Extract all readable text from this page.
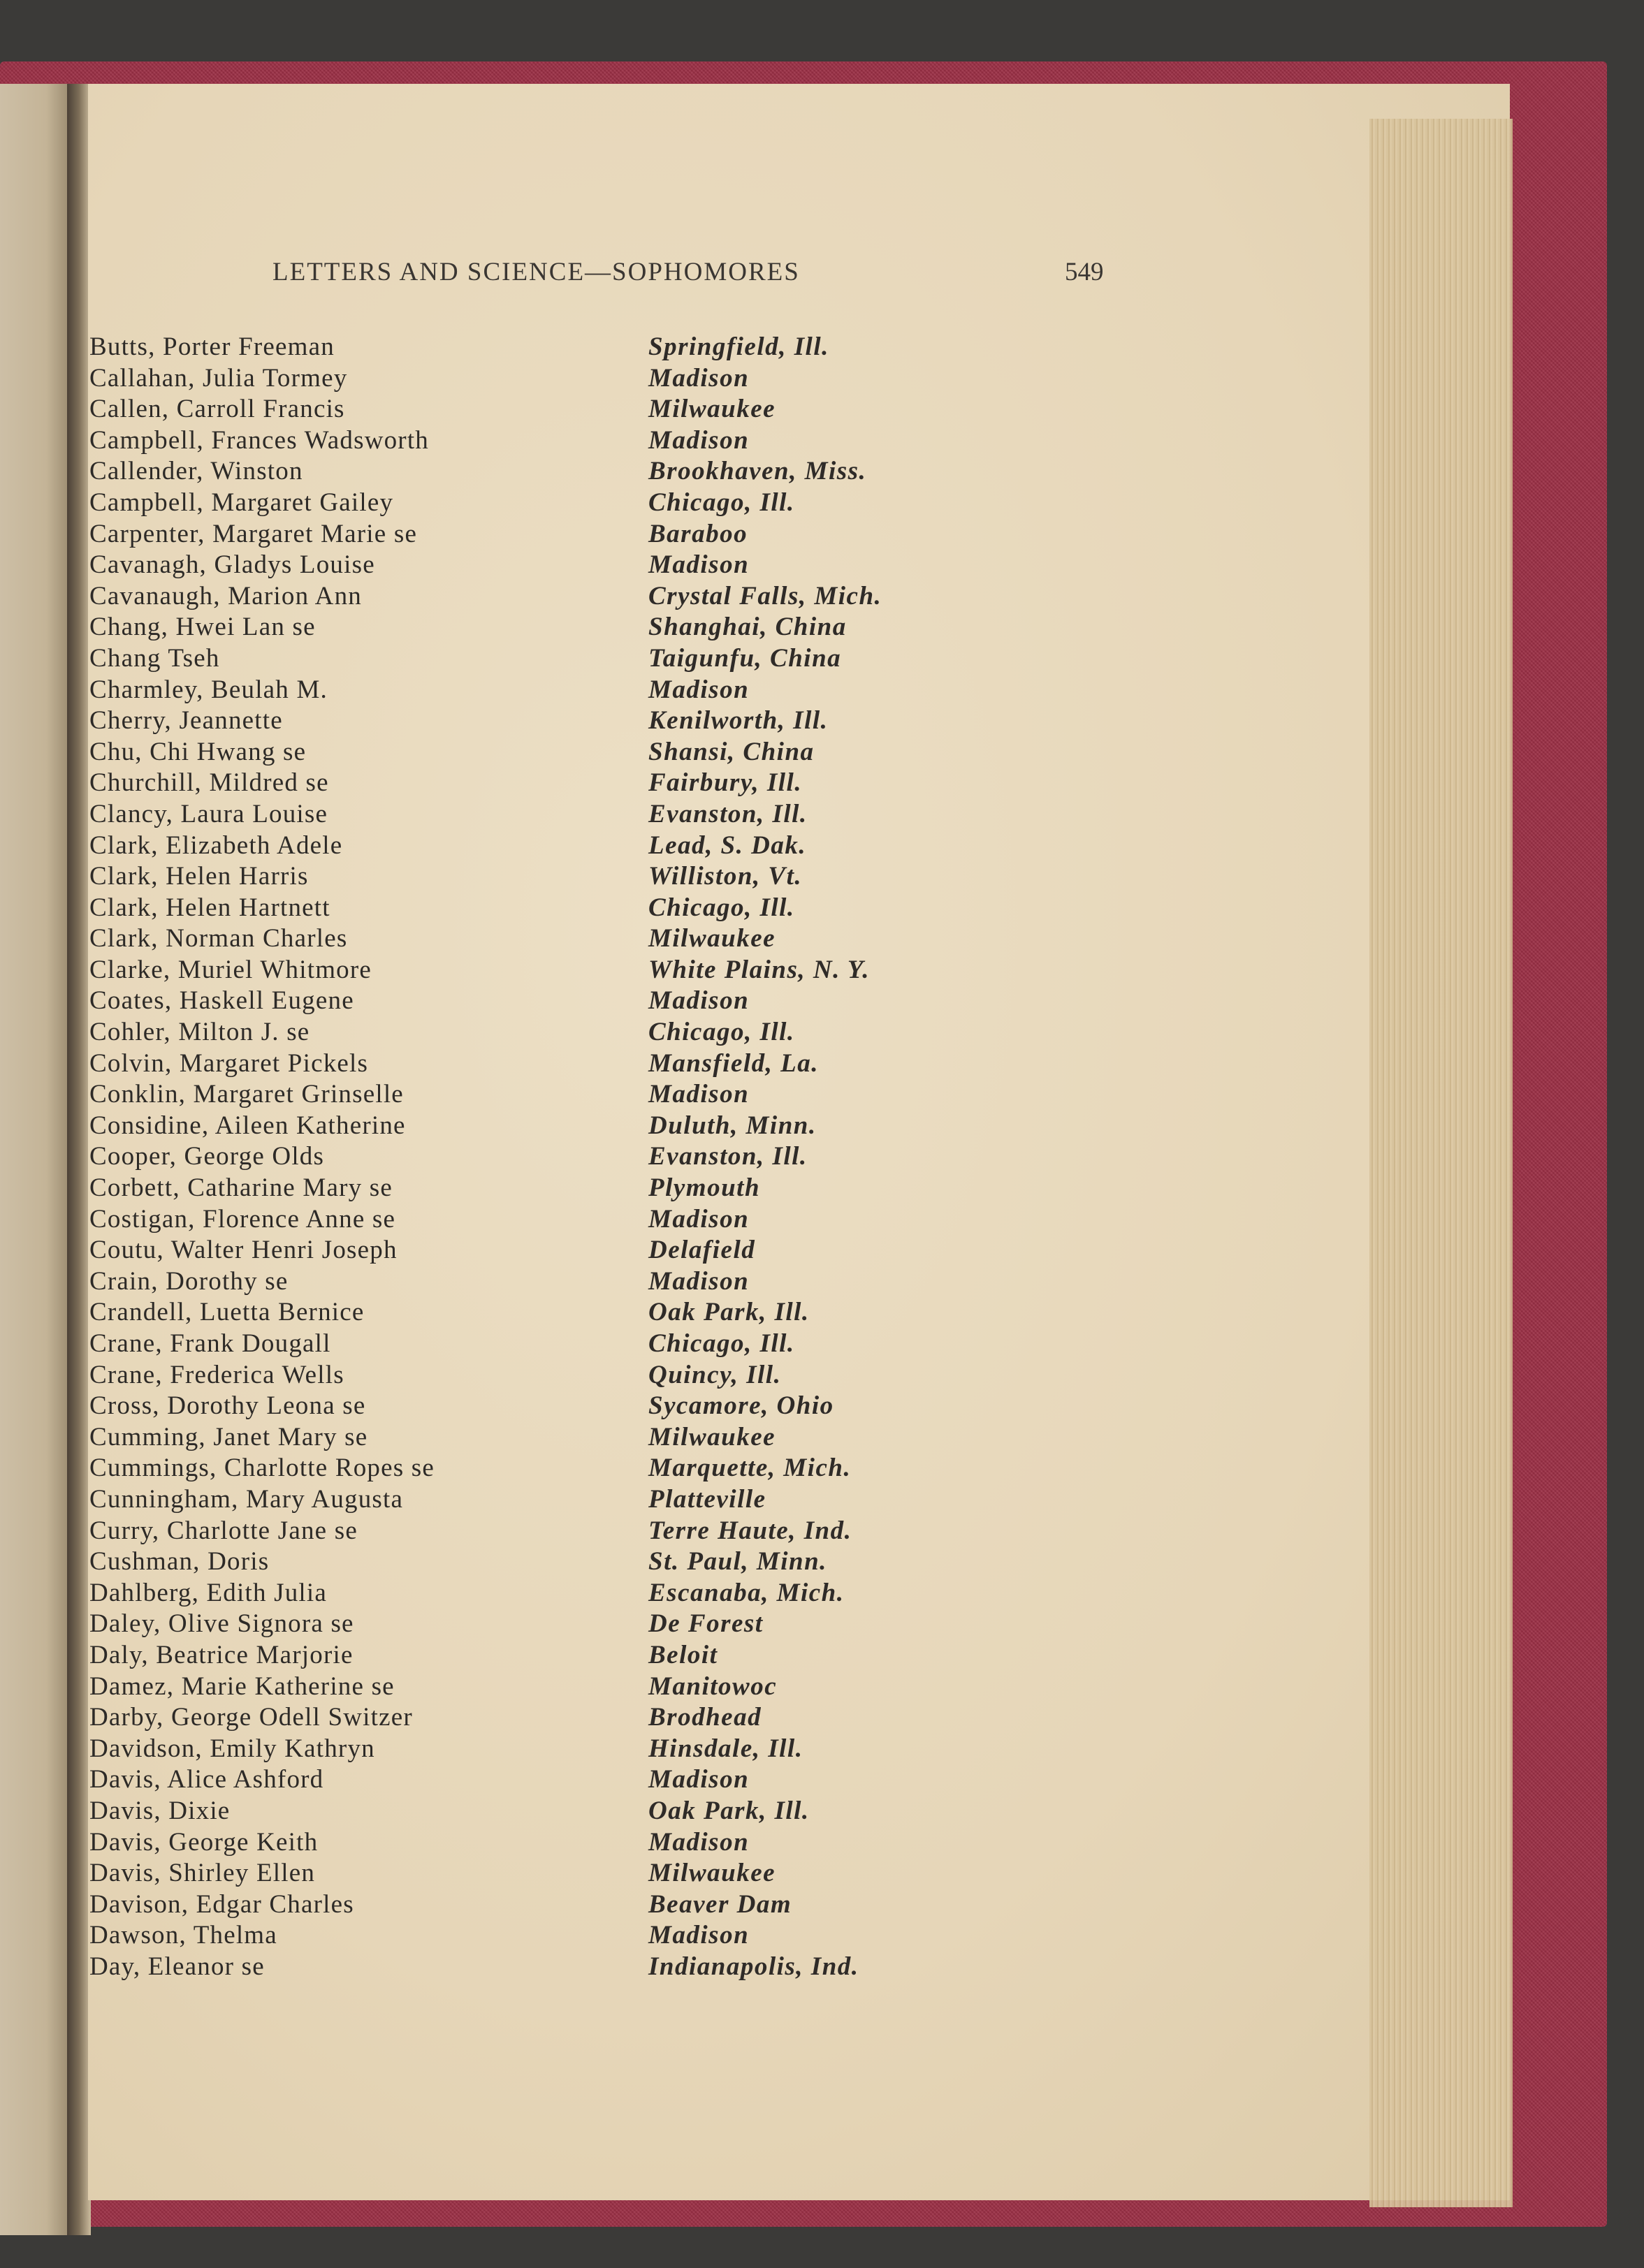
LETTERS AND SCIENCE—SOPHOMORES	549
Butts, Porter Freeman	Springfield, Ill.
Callahan, Julia Tormey	Madison
Callen, Carroll Francis	Milwaukee
Campbell, Frances Wadsworth	Madison
Callender, Winston	Brookhaven, Miss.
Campbell, Margaret Gailey	Chicago, Ill.
Carpenter, Margaret Marie se	Baraboo
Cavanagh, Gladys Louise	Madison
Cavanaugh, Marion Ann	Crystal Falls, Mich.
Chang, Hwei Lan se	Shanghai, China
Chang Tseh	Taigunfu, China
Charmley, Beulah M.	Madison
Cherry, Jeannette	Kenilworth, Ill.
Chu, Chi Hwang se	Shansi, China
Churchill, Mildred se	Fairbury, Ill.
Clancy, Laura Louise	Evanston, Ill.
Clark, Elizabeth Adele	Lead, S. Dak.
Clark, Helen Harris	Williston, Vt.
Clark, Helen Hartnett	Chicago, Ill.
Clark, Norman Charles	Milwaukee
Clarke, Muriel Whitmore	White Plains, N. Y.
Coates, Haskell Eugene	Madison
Cohler, Milton J. se	Chicago, Ill.
Colvin, Margaret Pickels	Mansfield, La.
Conklin, Margaret Grinselle	Madison
Considine, Aileen Katherine	Duluth, Minn.
Cooper, George Olds	Evanston, Ill.
Corbett, Catharine Mary se	Plymouth
Costigan, Florence Anne se	Madison
Coutu, Walter Henri Joseph	Delafield
Crain, Dorothy se	Madison
Crandell, Luetta Bernice	Oak Park, Ill.
Crane, Frank Dougall	Chicago, Ill.
Crane, Frederica Wells	Quincy, Ill.
Cross, Dorothy Leona se	Sycamore, Ohio
Cumming, Janet Mary se	Milwaukee
Cummings, Charlotte Ropes se	Marquette, Mich.
Cunningham, Mary Augusta	Platteville
Curry, Charlotte Jane se	Terre Haute, Ind.
Cushman, Doris	St. Paul, Minn.
Dahlberg, Edith Julia	Escanaba, Mich.
Daley, Olive Signora se	De Forest
Daly, Beatrice Marjorie	Beloit
Damez, Marie Katherine se	Manitowoc
Darby, George Odell Switzer	Brodhead
Davidson, Emily Kathryn	Hinsdale, Ill.
Davis, Alice Ashford	Madison
Davis, Dixie	Oak Park, Ill.
Davis, George Keith	Madison
Davis, Shirley Ellen	Milwaukee
Davison, Edgar Charles	Beaver Dam
Dawson, Thelma	Madison
Day, Eleanor se	Indianapolis, Ind.
